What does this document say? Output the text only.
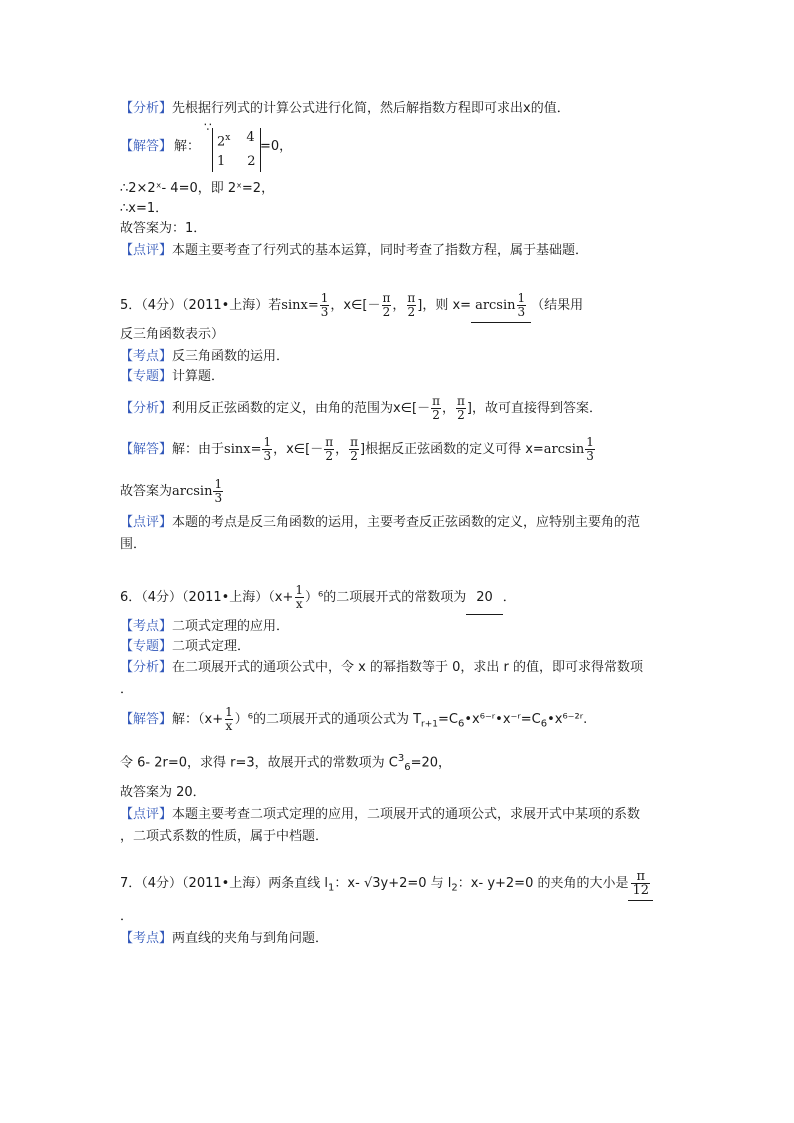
【分析】先根据行列式的计算公式进行化简，然后解指数方程即可求出x的值．
【解答】 解：
∵
2$^x$ 4
1 2
=0，
∴2×2ˣ- 4=0，即 2ˣ=2，
∴x=1．
故答案为：1．
【点评】本题主要考查了行列式的基本运算，同时考查了指数方程，属于基础题．
5．（4分）（2011•上海）若$\sin x= \frac{1}{3}$ ，x∈[－ $\frac{\pi}{2}$ ， $\frac{\pi}{2}$ ]，则 $x= \arcsin \frac{1}{3}$ （结果用
反三角函数表示）
【考点】反三角函数的运用．
【专题】计算题．
【分析】利用反正弦函数的定义，由角的范围为x∈[－ $\frac{\pi}{2}$ ， $\frac{\pi}{2}$ ]，故可直接得到答案．
【解答】解：由于$\sin x= \frac{1}{3}$ ，x∈[－ $\frac{\pi}{2}$ ， $\frac{\pi}{2}$ ]根据反正弦函数的定义可得 $x=\arcsin \frac{1}{3}$
故答案为$\arcsin \frac{1}{3}$
【点评】本题的考点是反三角函数的运用，主要考查反正弦函数的定义，应特别主要角的范
围．
6．（4分）（2011•上海）$(x+ \frac{1}{x} )^6$的二项展开式的常数项为 20 ．
【考点】二项式定理的应用．
【专题】二项式定理．
【分析】在二项展开式的通项公式中，令 x 的幂指数等于 0，求出 r 的值，即可求得常数项
．
【解答】解：$(x+ \frac{1}{x} )^6$的二项展开式的通项公式为 $T_{r+1}=C_6•x^{6-}ʳ•x^-ʳ=C_6•x^{6-2}ʳ$.
令 6- 2r=0，求得 r=3，故展开式的常数项为 $C^3_6=20$，
故答案为 20．
【点评】本题主要考查二项式定理的应用，二项展开式的通项公式，求展开式中某项的系数
，二项式系数的性质，属于中档题．
7．（4分）（2011•上海）两条直线 $l_1$：x- √3y+2=0 与 $l_2$：x- y+2=0 的夹角的大小是 $\frac{\pi}{12}$
．
【考点】两直线的夹角与到角问题．
